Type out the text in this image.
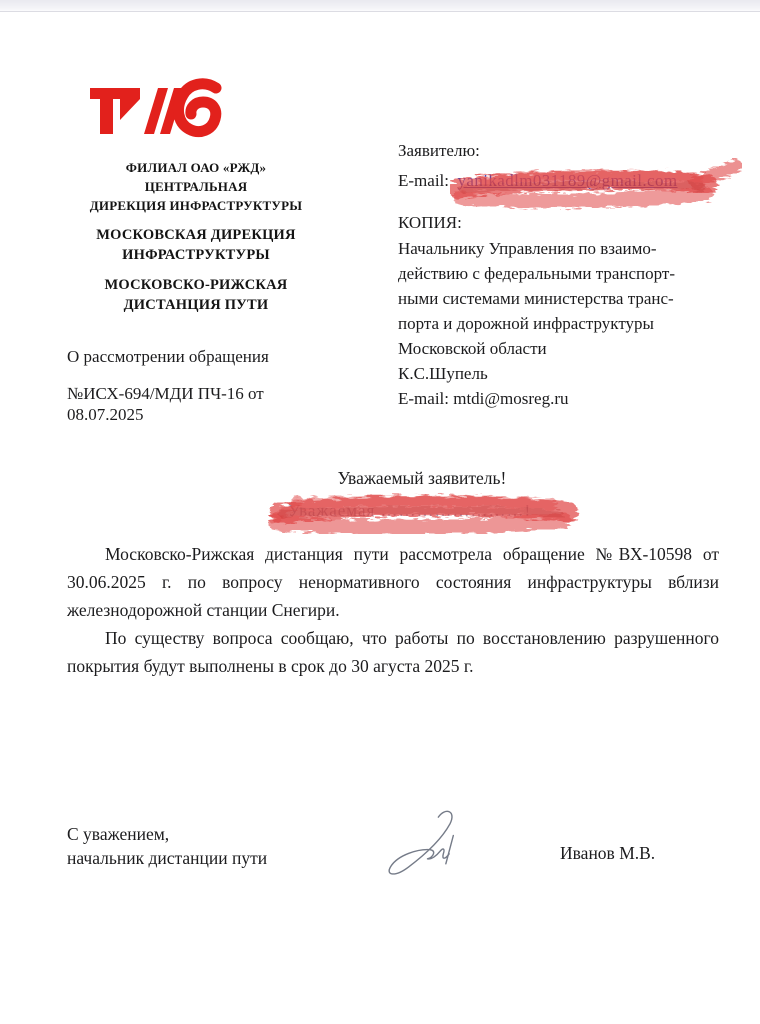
ФИЛИАЛ ОАО «РЖД»
ЦЕНТРАЛЬНАЯ
ДИРЕКЦИЯ ИНФРАСТРУКТУРЫ
МОСКОВСКАЯ ДИРЕКЦИЯ
ИНФРАСТРУКТУРЫ
МОСКОВСКО-РИЖСКАЯ
ДИСТАНЦИЯ ПУТИ
Заявителю:
E-mail: yanikadlm031189@gmail.com
КОПИЯ:
Начальнику Управления по взаимо-
действию с федеральными транспорт-
ными системами министерства транс-
порта и дорожной инфраструктуры
Московской области
К.С.Шупель
E-mail: mtdi@mosreg.ru
О рассмотрении обращения
№ИСХ-694/МДИ ПЧ-16 от
08.07.2025
Уважаемый заявитель!
Уважаемая ……………………!

Московско-Рижская дистанция пути рассмотрела обращение №ВХ-10598 от 30.06.2025 г. по вопросу ненормативного состояния инфраструктуры вблизи железнодорожной станции Снегири.

По существу вопроса сообщаю, что работы по восстановлению разрушенного покрытия будут выполнены в срок до 30 агуста 2025 г.

С уважением,
начальник дистанции пути	Иванов М.В.
